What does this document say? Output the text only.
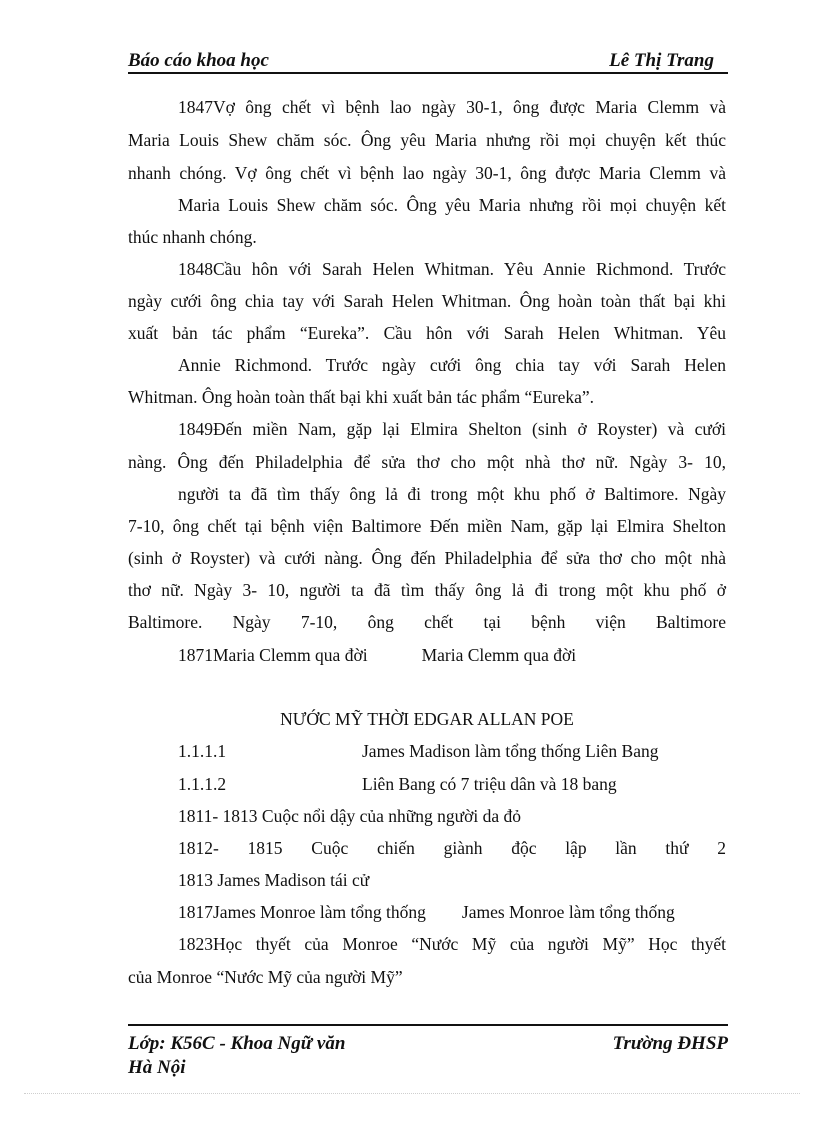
Báo cáo khoa học	Lê Thị Trang
1847Vợ ông chết vì bệnh lao ngày 30-1, ông được Maria Clemm và
Maria Louis Shew chăm sóc. Ông yêu Maria nhưng rồi mọi chuyện kết thúc
nhanh chóng. Vợ ông chết vì bệnh lao ngày 30-1, ông được Maria Clemm và
Maria Louis Shew chăm sóc. Ông yêu Maria nhưng rồi mọi chuyện kết
thúc nhanh chóng.
1848Cầu hôn với Sarah Helen Whitman. Yêu Annie Richmond. Trước
ngày cưới ông chia tay với Sarah Helen Whitman. Ông hoàn toàn thất bại khi
xuất bản tác phẩm “Eureka”. Cầu hôn với Sarah Helen Whitman. Yêu
Annie Richmond. Trước ngày cưới ông chia tay với Sarah Helen
Whitman. Ông hoàn toàn thất bại khi xuất bản tác phẩm “Eureka”.
1849Đến miền Nam, gặp lại Elmira Shelton (sinh ở Royster) và cưới
nàng. Ông đến Philadelphia để sửa thơ cho một nhà thơ nữ. Ngày 3- 10,
người ta đã tìm thấy ông lả đi trong một khu phố ở Baltimore. Ngày
7-10, ông chết tại bệnh viện Baltimore Đến miền Nam, gặp lại Elmira Shelton
(sinh ở Royster) và cưới nàng. Ông đến Philadelphia để sửa thơ cho một nhà
thơ nữ. Ngày 3- 10, người ta đã tìm thấy ông lả đi trong một khu phố ở
Baltimore. Ngày 7-10, ông chết tại bệnh viện Baltimore
1871Maria Clemm qua đời	Maria Clemm qua đời
NƯỚC MỸ THỜI EDGAR ALLAN POE
1.1.1.1	James Madison làm tổng thống Liên Bang
1.1.1.2	Liên Bang có 7 triệu dân và 18 bang
1811- 1813 Cuộc nổi dậy của những người da đỏ
1812- 1815 Cuộc chiến giành độc lập lần thứ 2
1813 James Madison tái cử
1817James Monroe làm tổng thống James Monroe làm tổng thống
1823Học thyết của Monroe “Nước Mỹ của người Mỹ” Học thyết
của Monroe “Nước Mỹ của người Mỹ”
Lớp: K56C - Khoa Ngữ văn
Hà Nội
Trường ĐHSP
